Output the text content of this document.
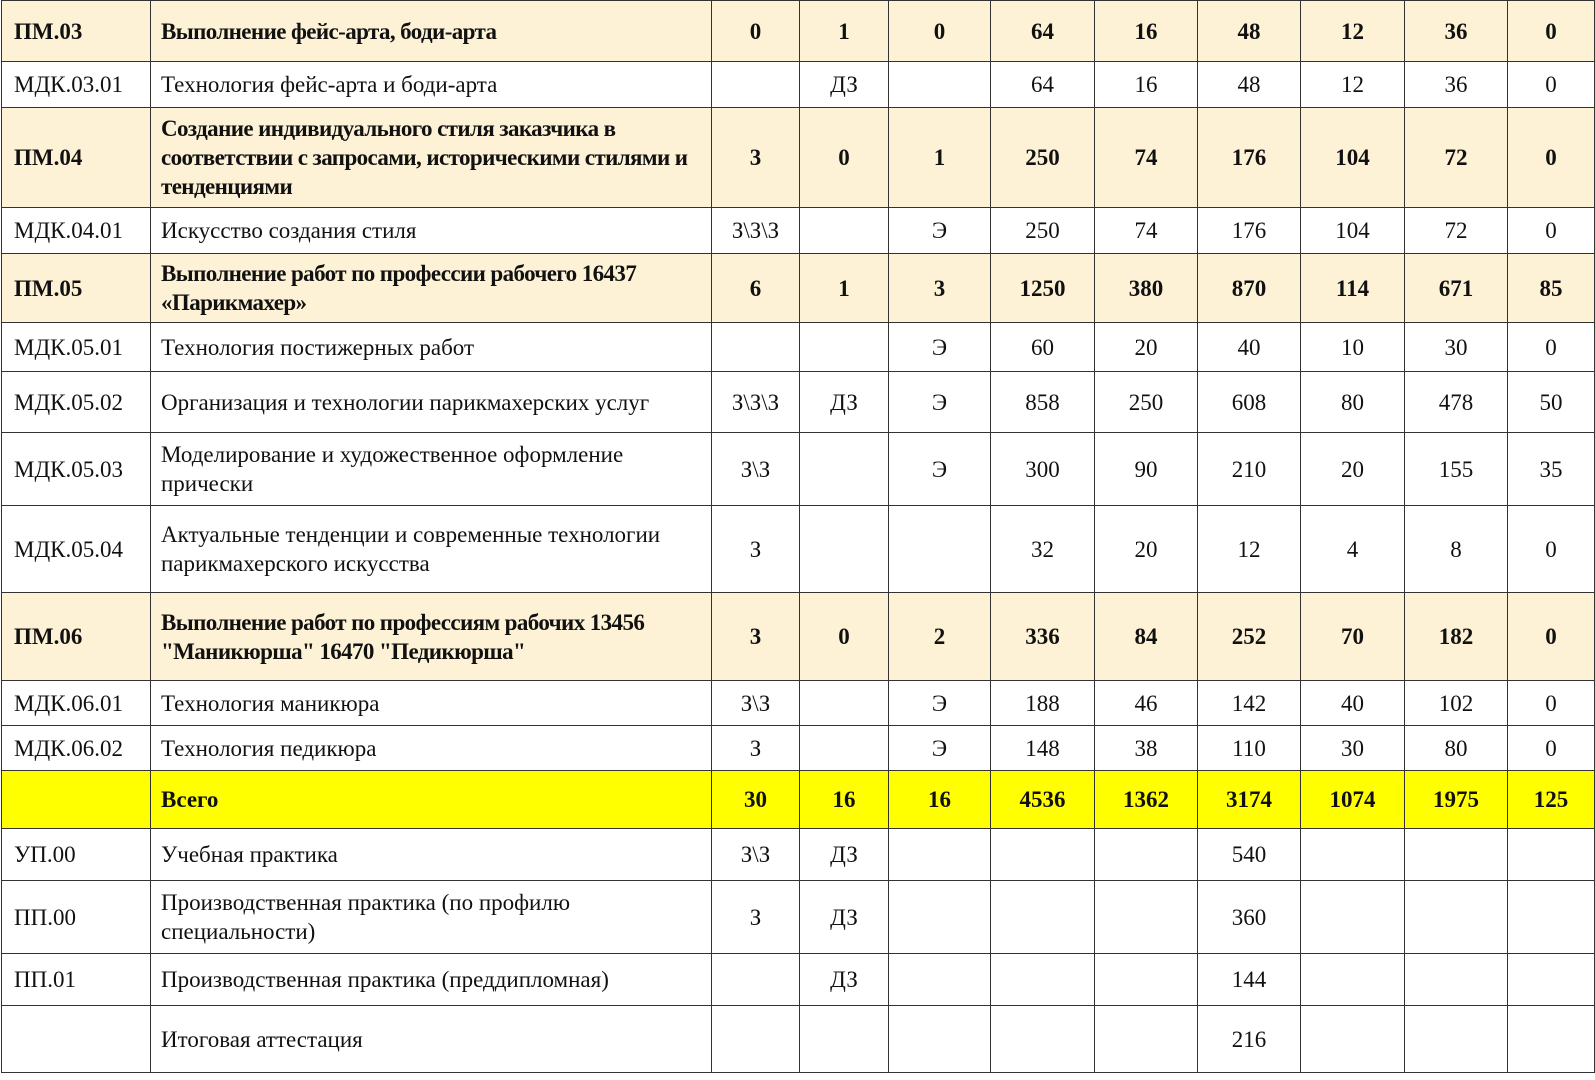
ПМ.03	Выполнение фейс-арта, боди-арта	0	1	0	64	16	48	12	36	0
МДК.03.01	Технология фейс-арта и боди-арта		ДЗ		64	16	48	12	36	0
ПМ.04	Создание индивидуального стиля заказчика в соответствии с запросами, историческими стилями и тенденциями	3	0	1	250	74	176	104	72	0
МДК.04.01	Искусство создания стиля	З\З\З		Э	250	74	176	104	72	0
ПМ.05	Выполнение работ по профессии рабочего 16437 «Парикмахер»	6	1	3	1250	380	870	114	671	85
МДК.05.01	Технология постижерных работ			Э	60	20	40	10	30	0
МДК.05.02	Организация и технологии парикмахерских услуг	З\З\З	ДЗ	Э	858	250	608	80	478	50
МДК.05.03	Моделирование и художественное оформление прически	З\З		Э	300	90	210	20	155	35
МДК.05.04	Актуальные тенденции и современные технологии парикмахерского искусства	З			32	20	12	4	8	0
ПМ.06	Выполнение работ по профессиям рабочих 13456 "Маникюрша" 16470 "Педикюрша"	3	0	2	336	84	252	70	182	0
МДК.06.01	Технология маникюра	З\З		Э	188	46	142	40	102	0
МДК.06.02	Технология педикюра	З		Э	148	38	110	30	80	0
	Всего	30	16	16	4536	1362	3174	1074	1975	125
УП.00	Учебная практика	З\З	ДЗ				540			
ПП.00	Производственная практика (по профилю специальности)	З	ДЗ				360			
ПП.01	Производственная практика (преддипломная)		ДЗ				144			
	Итоговая аттестация						216			
